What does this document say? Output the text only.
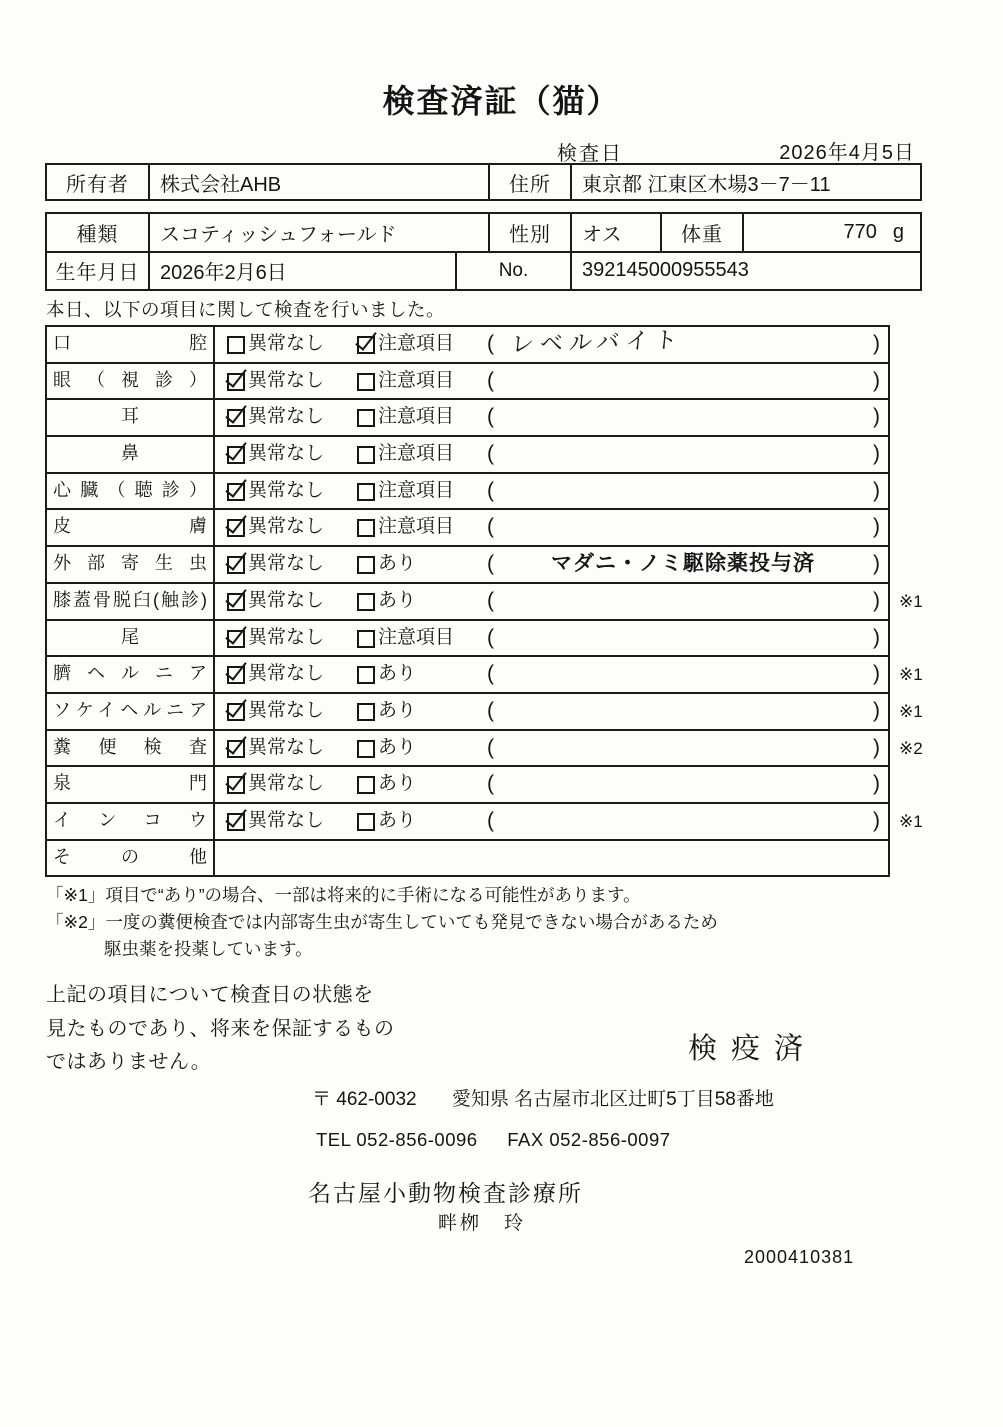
検査済証（猫）
検査日	2026年4月5日
所有者	株式会社AHB	住所	東京都 江東区木場3－7－11
種類	スコティッシュフォールド	性別	オス	体重	770 g
生年月日	2026年2月6日	No.	392145000955543
本日、以下の項目に関して検査を行いました。
口腔	異常なし	注意項目 ( レベルバイト	)
眼（視診）	異常なし	注意項目 (	)
耳	異常なし	注意項目 (	)
鼻	異常なし	注意項目 (	)
心臓（聴診）	異常なし	注意項目 (	)
皮膚	異常なし	注意項目 (	)
外部寄生虫	異常なし	あり	(	マダニ・ノミ駆除薬投与済	)
膝蓋骨脱臼(触診)	異常なし	あり	(	) ※1
尾	異常なし	注意項目 (	)
臍ヘルニア	異常なし	あり	(	) ※1
ソケイヘルニア	異常なし	あり	(	) ※1
糞便検査	異常なし	あり	(	) ※2
泉門	異常なし	あり	(	)
インコウ	異常なし	あり	(	) ※1
その他
「※1」項目で“あり”の場合、一部は将来的に手術になる可能性があります。
「※2」一度の糞便検査では内部寄生虫が寄生していても発見できない場合があるため
駆虫薬を投薬しています。
上記の項目について検査日の状態を
見たものであり、将来を保証するもの
ではありません。	検疫済
〒 462-0032 愛知県 名古屋市北区辻町5丁目58番地
TEL 052-856-0096 FAX 052-856-0097
名古屋小動物検査診療所
畔栁　玲
2000410381
